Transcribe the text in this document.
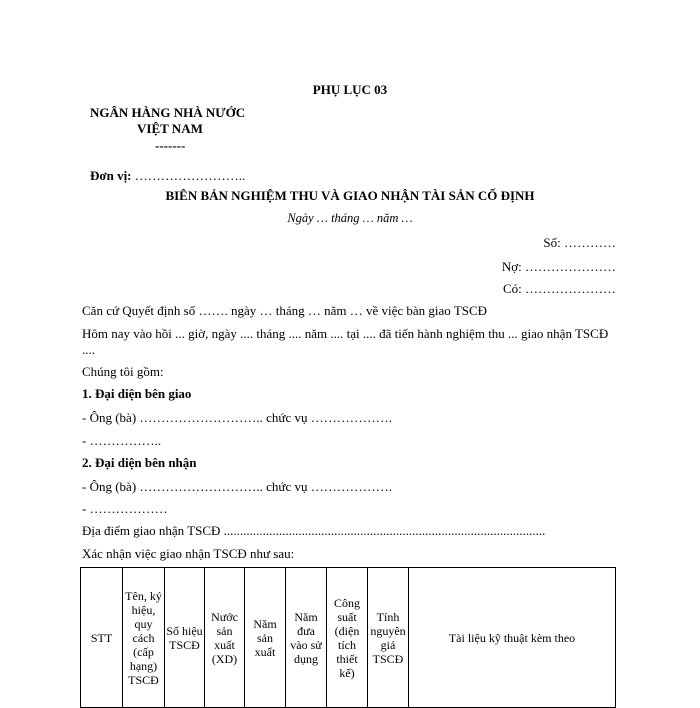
PHỤ LỤC 03
NGÂN HÀNG NHÀ NƯỚC
VIỆT NAM
-------
Đơn vị: ……………………..
BIÊN BẢN NGHIỆM THU VÀ GIAO NHẬN TÀI SẢN CỐ ĐỊNH
Ngày … tháng … năm …
Số: …………
Nợ: …………………
Có: …………………
Căn cứ Quyết định số ……. ngày … tháng … năm … về việc bàn giao TSCĐ
Hôm nay vào hồi ... giờ, ngày .... tháng .... năm .... tại .... đã tiến hành nghiệm thu ... giao nhận TSCĐ ....
Chúng tôi gồm:
1. Đại diện bên giao
- Ông (bà) ……………………….. chức vụ ……………….
- ……………..
2. Đại diện bên nhận
- Ông (bà) ……………………….. chức vụ ……………….
- ………………
Địa điểm giao nhận TSCĐ ...................................................................................................
Xác nhận việc giao nhận TSCĐ như sau:
STT	Tên, ký hiệu, quy cách (cấp hạng) TSCĐ	Số hiệu TSCĐ	Nước sản xuất (XD)	Năm sản xuất	Năm đưa vào sử dụng	Công suất (diện tích thiết kế)	Tính nguyên giá TSCĐ	Tài liệu kỹ thuật kèm theo
